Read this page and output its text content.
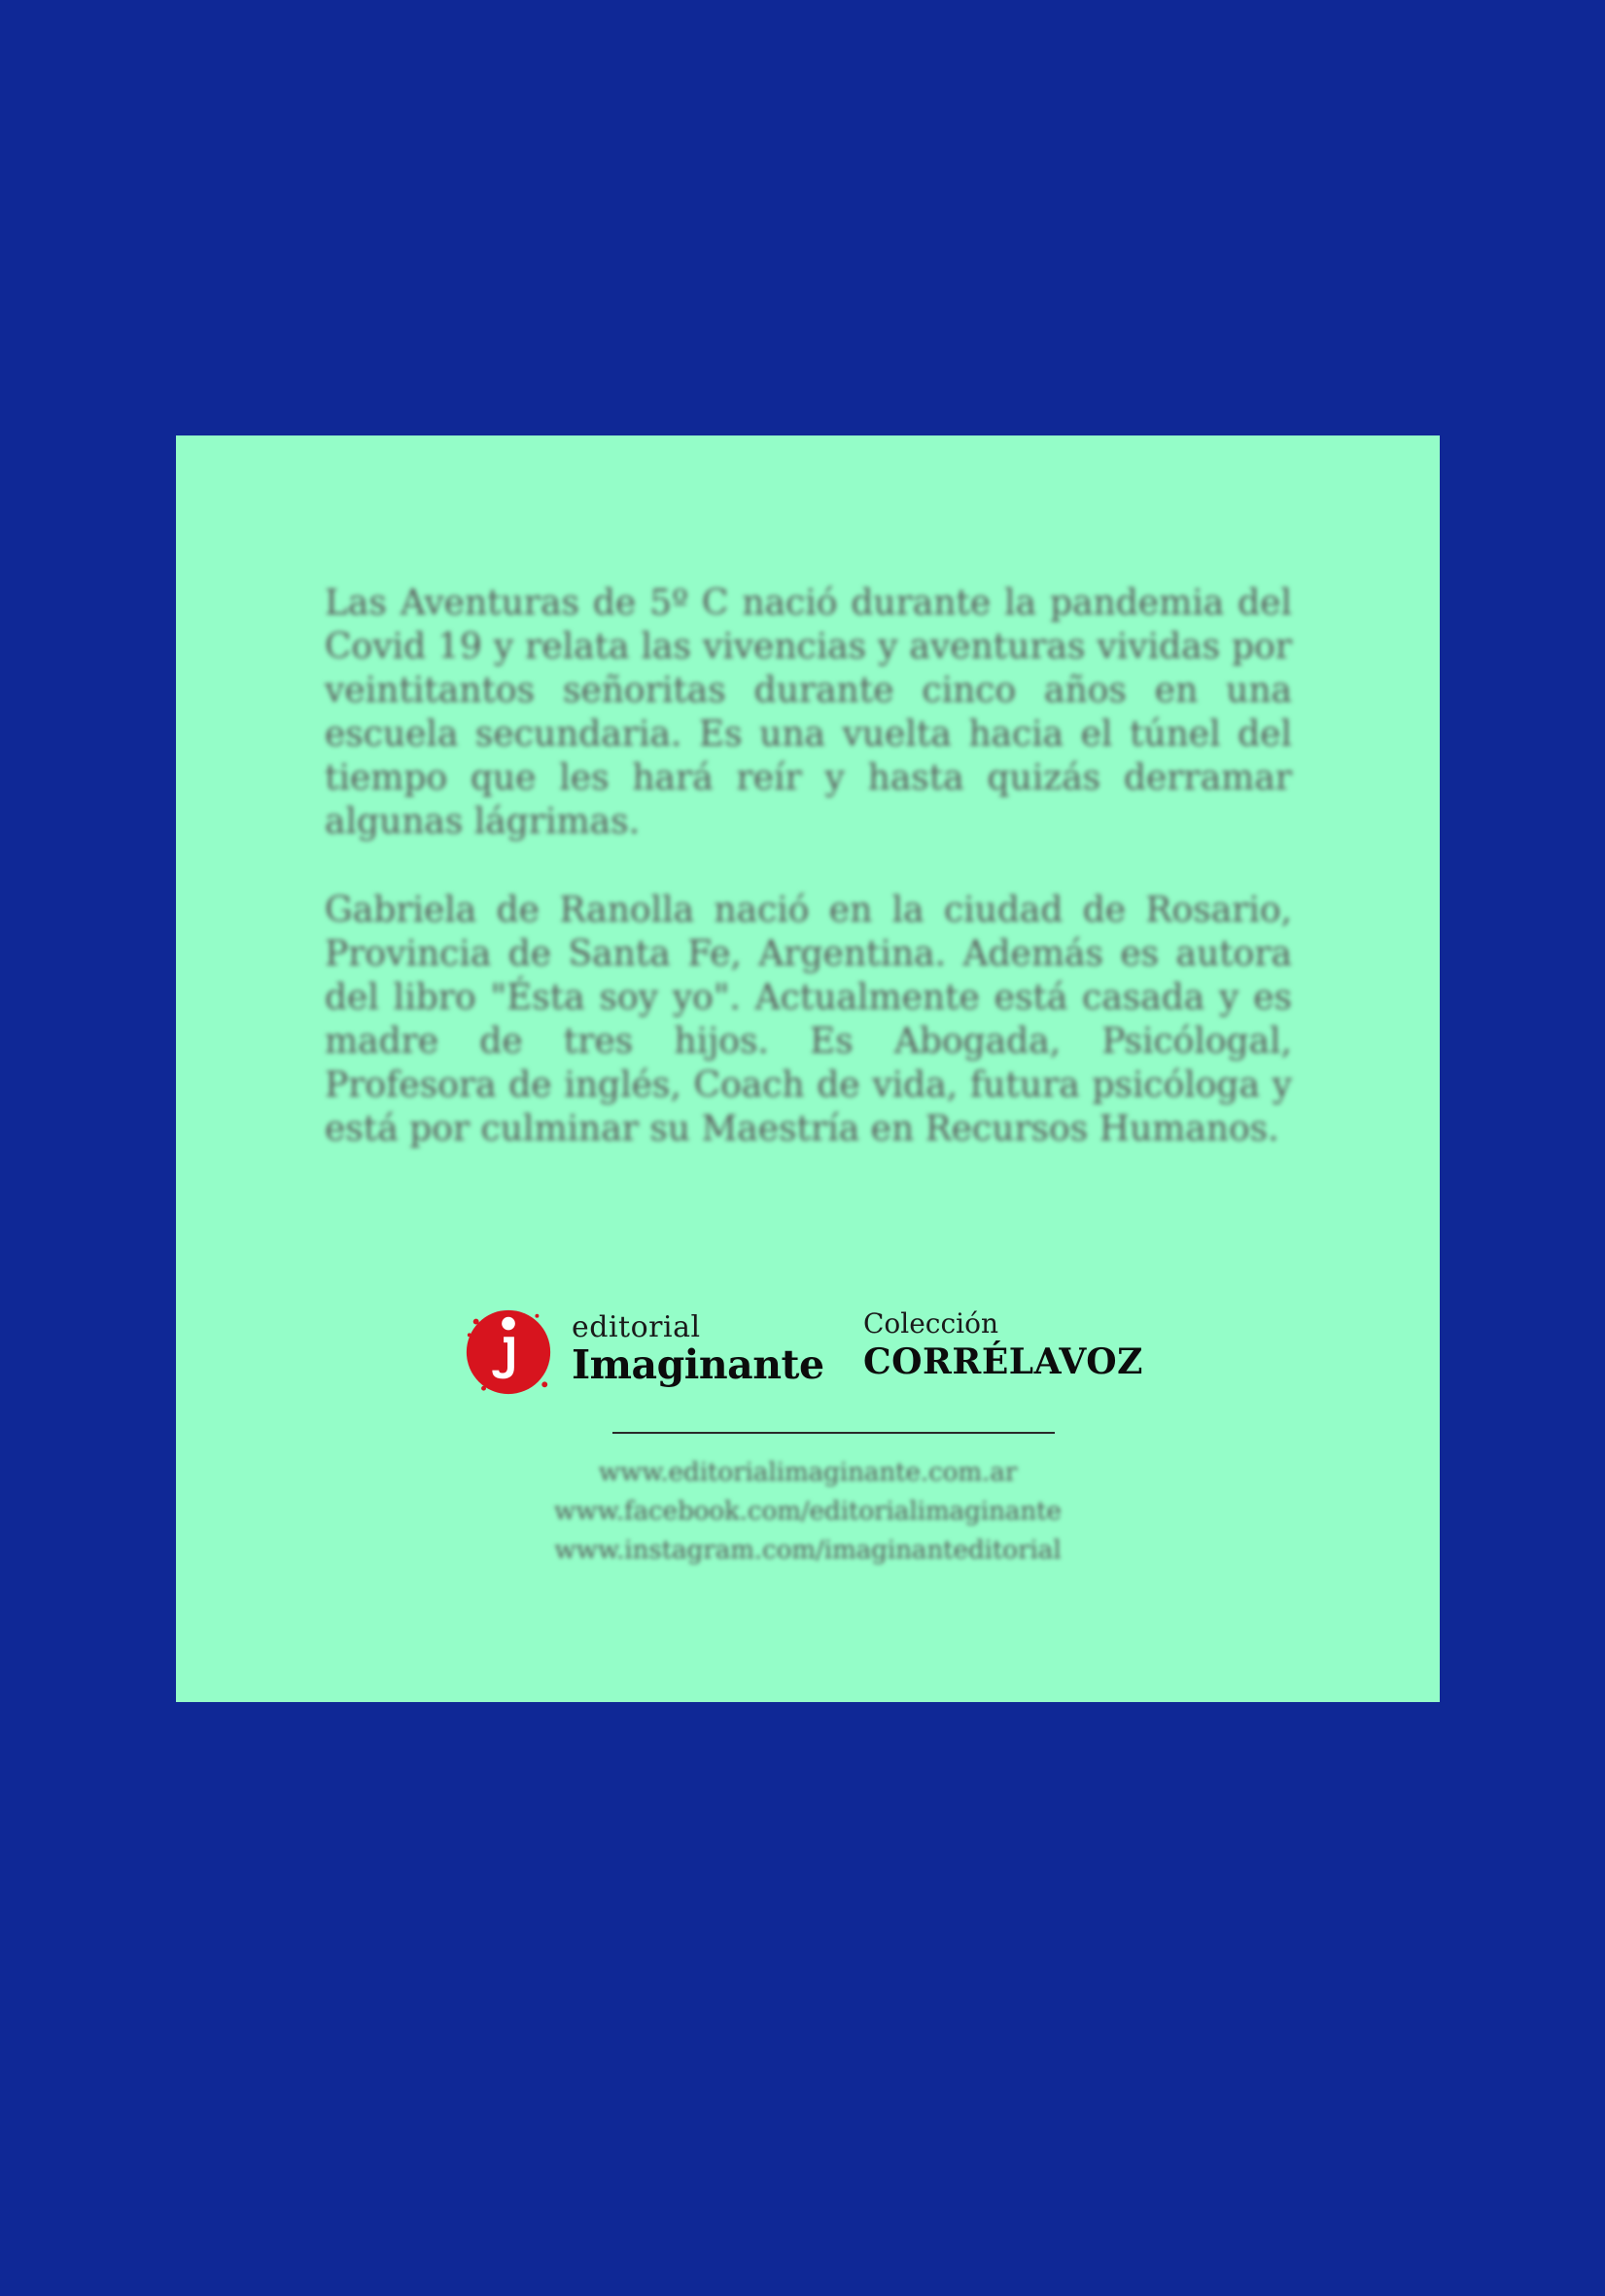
Las Aventuras de 5º C nació durante la pandemia del Covid 19 y relata las vivencias y aventuras vividas por veintitantos señoritas durante cinco años en una escuela secundaria. Es una vuelta hacia el túnel del tiempo que les hará reír y hasta quizás derramar algunas lágrimas.

Gabriela de Ranolla nació en la ciudad de Rosario, Provincia de Santa Fe, Argentina. Además es autora del libro "Ésta soy yo". Actualmente está casada y es madre de tres hijos. Es Abogada, Psicólogal, Profesora de inglés, Coach de vida, futura psicóloga y está por culminar su Maestría en Recursos Humanos.

editorial
Imaginante
Colección
CORRÉLAVOZ
www.editorialimaginante.com.ar
www.facebook.com/editorialimaginante
www.instagram.com/imaginanteditorial
